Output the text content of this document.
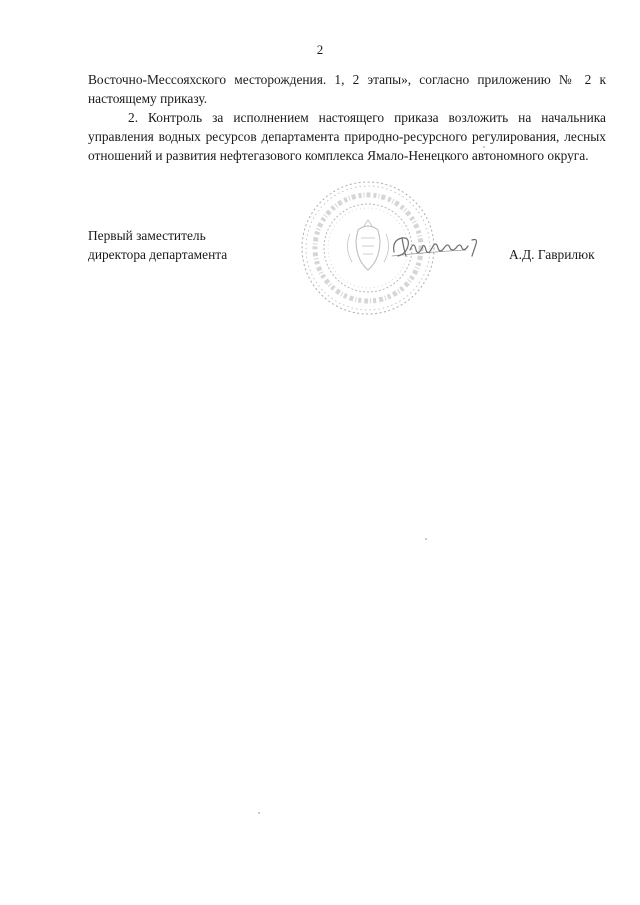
2

Восточно-Мессояхского месторождения. 1, 2 этапы», согласно приложению № 2 к настоящему приказу.

2. Контроль за исполнением настоящего приказа возложить на начальника управления водных ресурсов департамента природно-ресурсного регулирования, лесных отношений и развития нефтегазового комплекса Ямало-Ненецкого автономного округа.

Первый заместитель
директора департамента	А.Д. Гаврилюк
